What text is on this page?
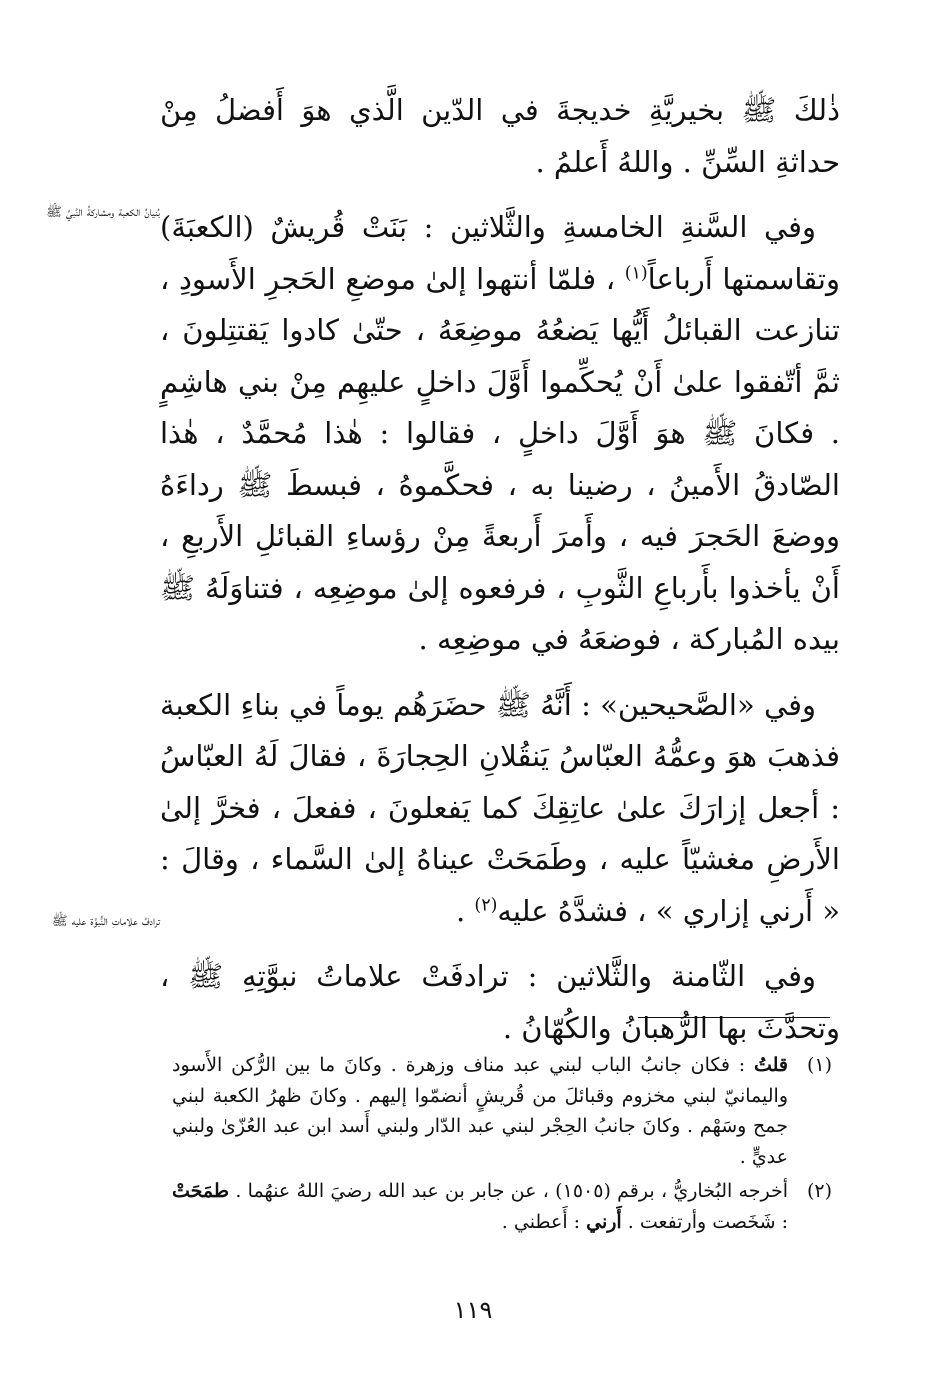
ذٰلكَ ﷺ بخيريَّةِ خديجةَ في الدّين الَّذي هوَ أَفضلُ مِنْ حداثةِ السِّنِّ . واللهُ أَعلمُ .

وفي السَّنةِ الخامسةِ والثَّلاثين : بَنَتْ قُريشٌ (الكعبَةَ) وتقاسمتها أَرباعاً$^{(١)}$ ، فلمّا أنتهوا إلىٰ موضعِ الحَجرِ الأَسودِ ، تنازعت القبائلُ أَيُّها يَضعُهُ موضِعَهُ ، حتّىٰ كادوا يَقتتِلونَ ، ثمَّ أتّفقوا علىٰ أَنْ يُحكِّموا أَوَّلَ داخلٍ عليهِم مِنْ بني هاشِمٍ . فكانَ ﷺ هوَ أَوَّلَ داخلٍ ، فقالوا : هٰذا مُحمَّدٌ ، هٰذا الصّادقُ الأَمينُ ، رضينا به ، فحكَّموهُ ، فبسطَ ﷺ رداءَهُ ووضعَ الحَجرَ فيه ، وأَمرَ أَربعةً مِنْ رؤساءِ القبائلِ الأَربعِ ، أَنْ يأخذوا بأَرباعِ الثَّوبِ ، فرفعوه إلىٰ موضِعِه ، فتناوَلَهُ ﷺ بيده المُباركة ، فوضعَهُ في موضِعِه .

وفي «الصَّحيحين» : أَنَّهُ ﷺ حضَرَهُم يوماً في بناءِ الكعبة فذهبَ هوَ وعمُّهُ العبّاسُ يَنقُلانِ الحِجارَةَ ، فقالَ لَهُ العبّاسُ : أجعل إزارَكَ علىٰ عاتِقِكَ كما يَفعلونَ ، ففعلَ ، فخرَّ إلىٰ الأَرضِ مغشيّاً عليه ، وطَمَحَتْ عيناهُ إلىٰ السَّماء ، وقالَ : « أَرني إزاري » ، فشدَّهُ عليه$^{(٢)}$ .

وفي الثّامنة والثَّلاثين : ترادفَتْ علاماتُ نبوَّتِهِ ﷺ ، وتحدَّثَ بها الرُّهبانُ والكُهّانُ .

بُنيانُ الكعبة ومشاركةُ النَّبيِّ ﷺ
ترادفُ علاماتِ النُّبوَّة عليه ﷺ
(١)
قلتُ : فكان جانبُ الباب لبني عبد مناف وزهرة . وكانَ ما بين الرُّكن الأَسود واليمانيّ لبني مخزوم وقبائلَ من قُريشٍ أنضمّوا إليهم . وكانَ ظهرُ الكعبة لبني جمح وسَهْم . وكانَ جانبُ الحِجْر لبني عبد الدّار ولبني أَسد ابن عبد العُزّىٰ ولبني عديٍّ .
(٢)
أخرجه البُخاريُّ ، برقم (١٥٠٥) ، عن جابر بن عبد الله رضيَ اللهُ عنهُما . طمَحَتْ : شَخَصت وأرتفعت . أَرني : أَعطني .
١١٩
